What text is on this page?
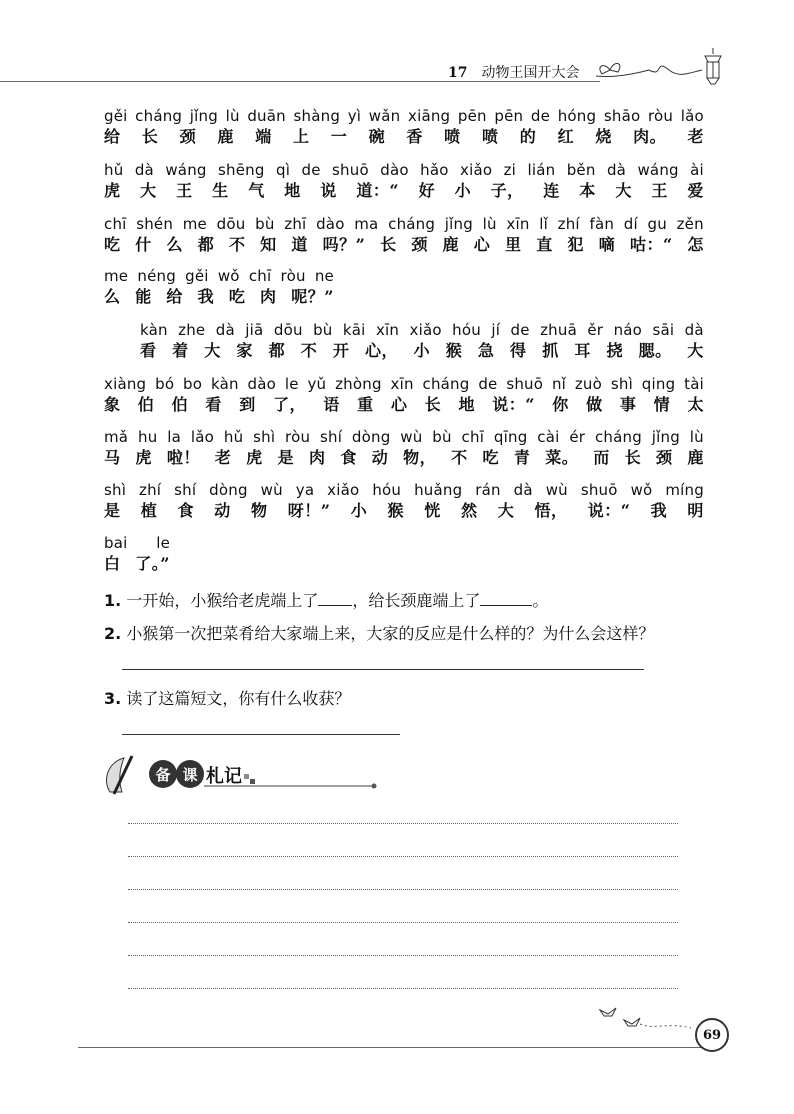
17 动物王国开大会
gěi cháng jǐng lù duān shàng yì wǎn xiāng pēn pēn de hóng shāo ròu lǎo
给 长 颈 鹿 端 上 一 碗 香 喷 喷 的 红 烧 肉。 老
hǔ dà wáng shēng qì de shuō dào hǎo xiǎo zi lián běn dà wáng ài
虎 大 王 生 气 地 说 道：“ 好 小 子， 连 本 大 王 爱
chī shén me dōu bù zhī dào ma cháng jǐng lù xīn lǐ zhí fàn dí gu zěn
吃 什 么 都 不 知 道 吗？” 长 颈 鹿 心 里 直 犯 嘀 咕：“ 怎
me néng gěi wǒ chī ròu ne
么 能 给 我 吃 肉 呢？”
kàn zhe dà jiā dōu bù kāi xīn xiǎo hóu jí de zhuā ěr náo sāi dà
看 着 大 家 都 不 开 心， 小 猴 急 得 抓 耳 挠 腮。 大
xiàng bó bo kàn dào le yǔ zhòng xīn cháng de shuō nǐ zuò shì qing tài
象 伯 伯 看 到 了， 语 重 心 长 地 说：“ 你 做 事 情 太
mǎ hu la lǎo hǔ shì ròu shí dòng wù bù chī qīng cài ér cháng jǐng lù
马 虎 啦！ 老 虎 是 肉 食 动 物， 不 吃 青 菜。 而 长 颈 鹿
shì zhí shí dòng wù ya xiǎo hóu huǎng rán dà wù shuō wǒ míng
是 植 食 动 物 呀！” 小 猴 恍 然 大 悟， 说：“ 我 明
bai le
白 了。”
1. 一开始，小猴给老虎端上了 ，给长颈鹿端上了	。
2. 小猴第一次把菜肴给大家端上来，大家的反应是什么样的？为什么会这样？
3. 读了这篇短文，你有什么收获？
备 课 札记
69
